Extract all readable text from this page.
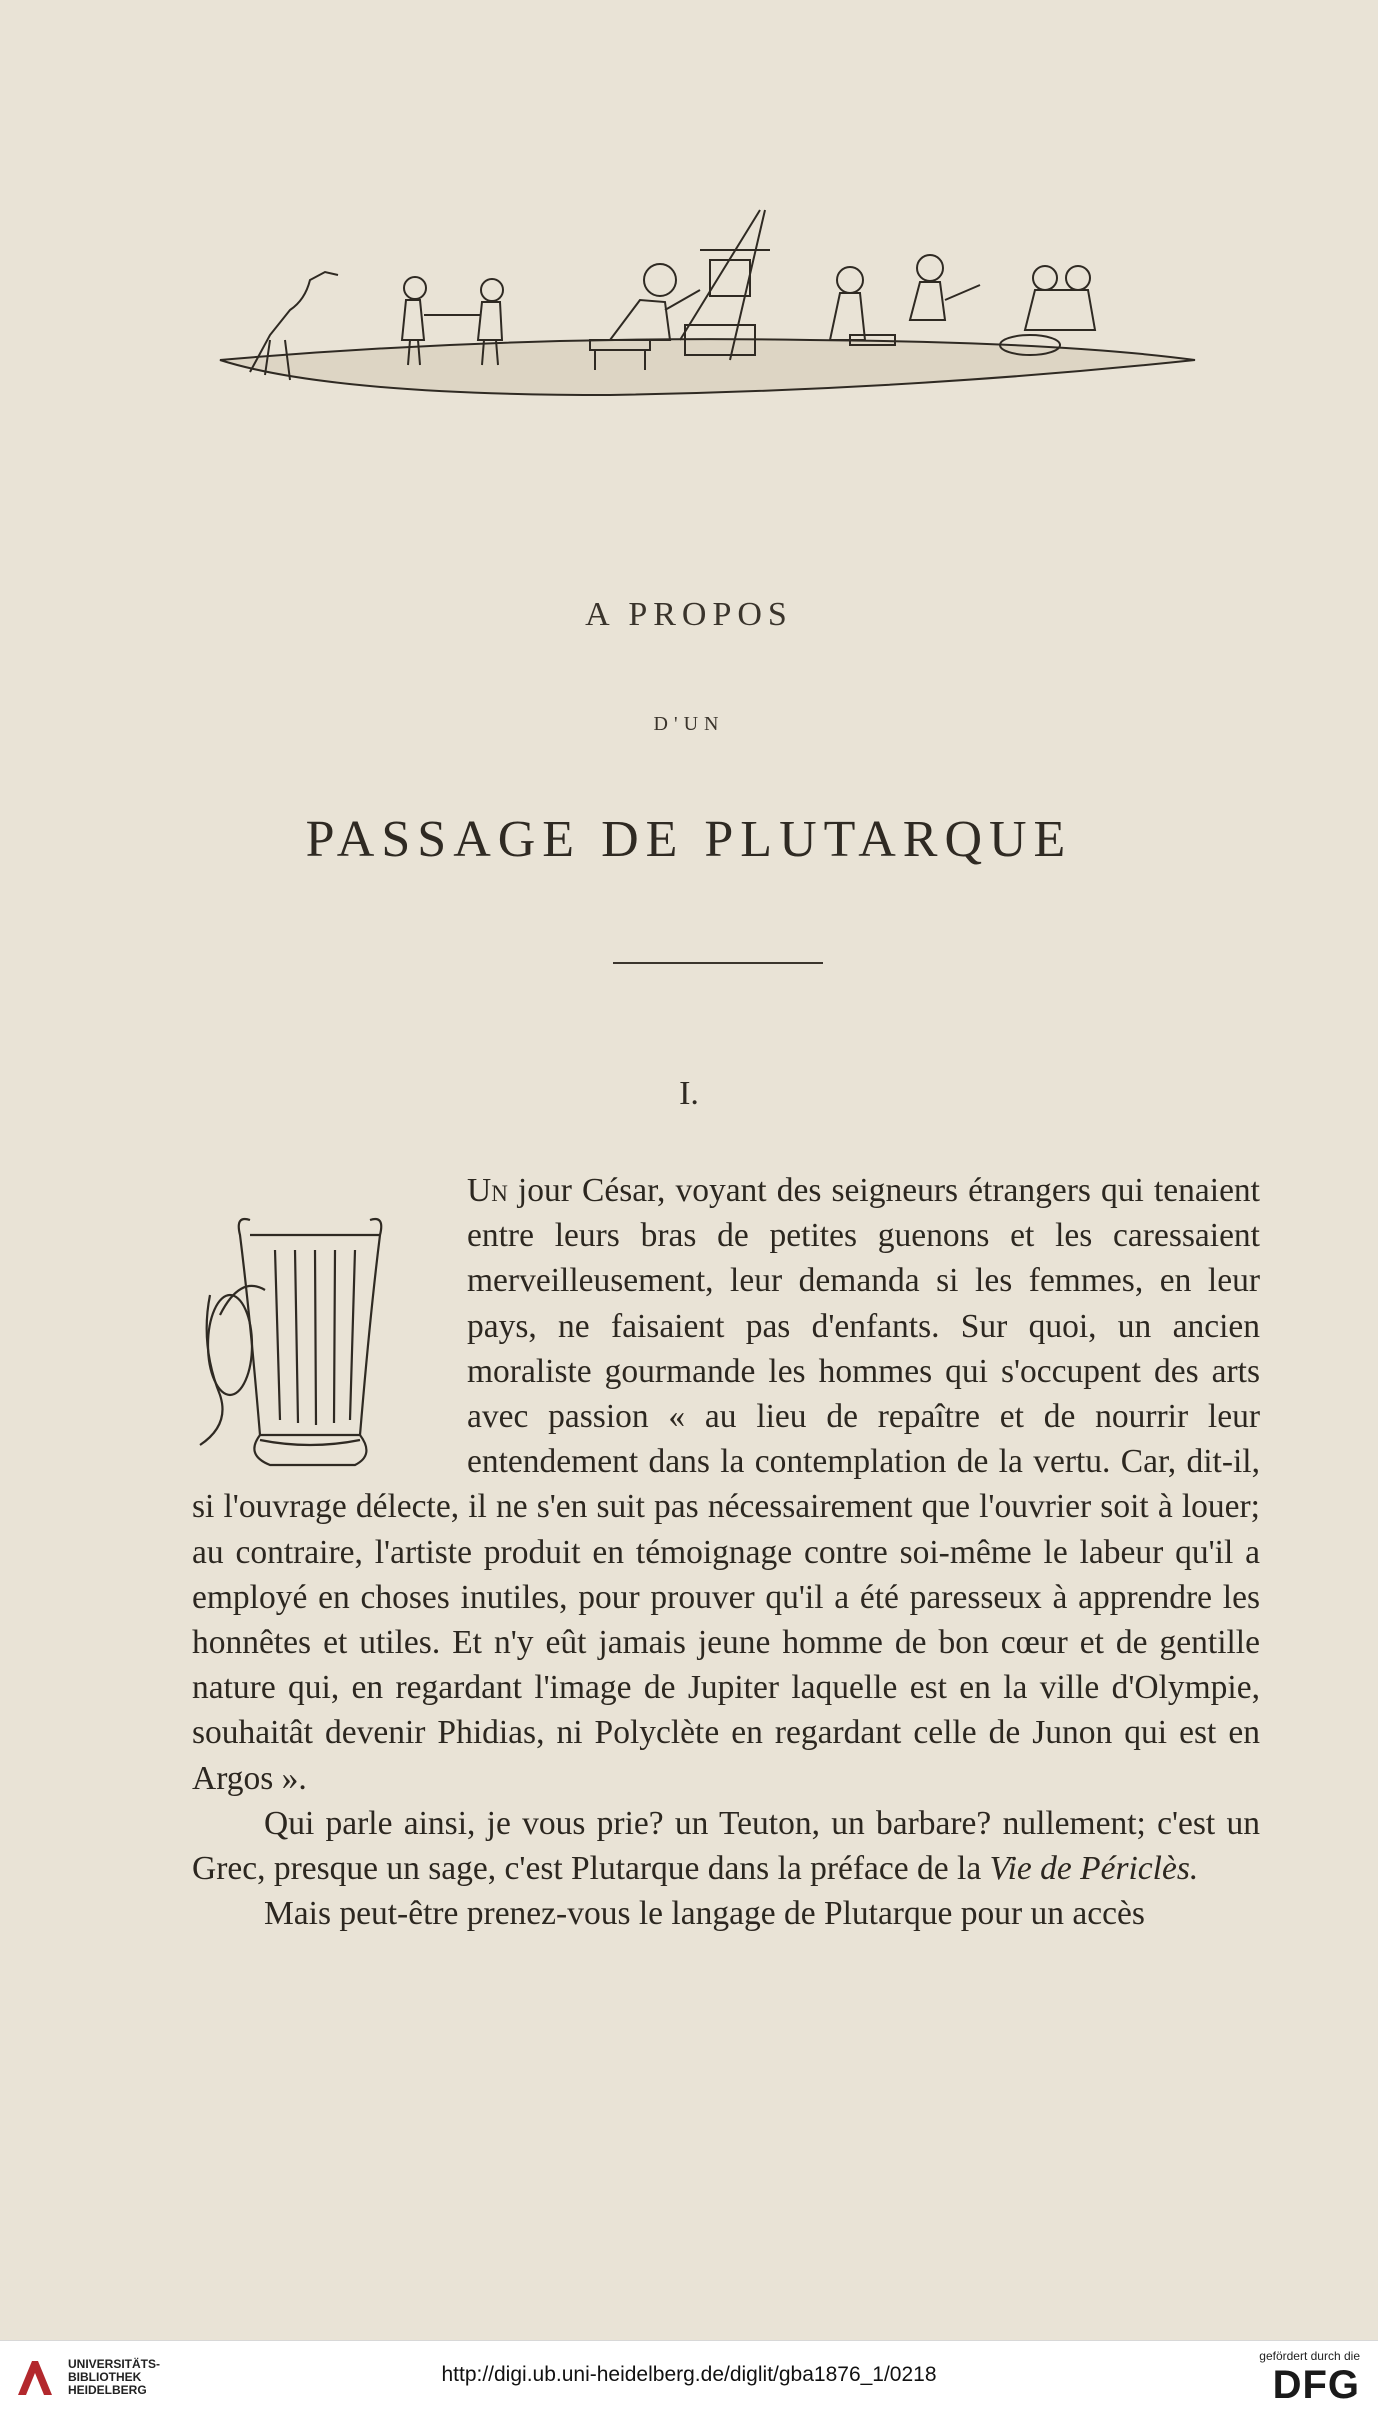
A PROPOS
D'UN
PASSAGE DE PLUTARQUE
I.

Un jour César, voyant des seigneurs étrangers qui tenaient entre leurs bras de petites guenons et les caressaient merveilleusement, leur demanda si les femmes, en leur pays, ne faisaient pas d'enfants. Sur quoi, un ancien moraliste gourmande les hommes qui s'occupent des arts avec passion « au lieu de repaître et de nourrir leur entendement dans la contemplation de la vertu. Car, dit-il, si l'ouvrage délecte, il ne s'en suit pas nécessairement que l'ouvrier soit à louer; au contraire, l'artiste produit en témoignage contre soi-même le labeur qu'il a employé en choses inutiles, pour prouver qu'il a été paresseux à apprendre les honnêtes et utiles. Et n'y eût jamais jeune homme de bon cœur et de gentille nature qui, en regardant l'image de Jupiter laquelle est en la ville d'Olympie, souhaitât devenir Phidias, ni Polyclète en regardant celle de Junon qui est en Argos ».

Qui parle ainsi, je vous prie? un Teuton, un barbare? nullement; c'est un Grec, presque un sage, c'est Plutarque dans la préface de la Vie de Périclès.

Mais peut-être prenez-vous le langage de Plutarque pour un accès

UNIVERSITÄTS-
BIBLIOTHEK
HEIDELBERG
http://digi.ub.uni-heidelberg.de/diglit/gba1876_1/0218
gefördert durch die
DFG
